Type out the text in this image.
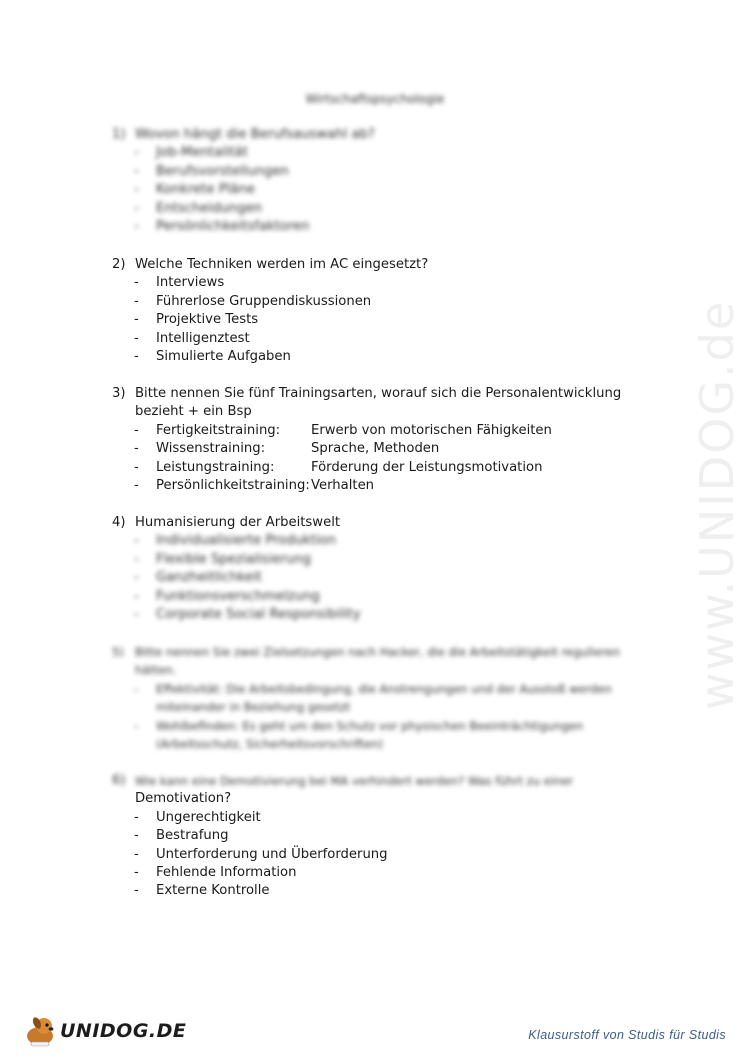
www.UNIDOG.de
Wirtschaftspsychologie
1) Wovon hängt die Berufsauswahl ab?
-	Job-Mentalität
-	Berufsvorstellungen
-	Konkrete Pläne
-	Entscheidungen
-	Persönlichkeitsfaktoren
2) Welche Techniken werden im AC eingesetzt?
-	Interviews
-	Führerlose Gruppendiskussionen
-	Projektive Tests
-	Intelligenztest
-	Simulierte Aufgaben
3) Bitte nennen Sie fünf Trainingsarten, worauf sich die Personalentwicklung bezieht + ein Bsp
-	Fertigkeitstraining:	Erwerb von motorischen Fähigkeiten
-	Wissenstraining:	Sprache, Methoden
-	Leistungstraining:	Förderung der Leistungsmotivation
-	Persönlichkeitstraining: Verhalten
4) Humanisierung der Arbeitswelt
-	Individualisierte Produktion
-	Flexible Spezialisierung
-	Ganzheitlichkeit
-	Funktionsverschmelzung
-	Corporate Social Responsibility
5) Bitte nennen Sie zwei Zielsetzungen nach Hacker, die die Arbeitstätigkeit regulieren hätten.
-	Effektivität: Die Arbeitsbedingung, die Anstrengungen und der Ausstoß werden miteinander in Beziehung gesetzt
-	Wohlbefinden: Es geht um den Schutz vor physischen Beeinträchtigungen (Arbeitsschutz, Sicherheitsvorschriften)
6) Wie kann eine Demotivierung bei MA verhindert werden? Was führt zu einer
Demotivation?
-	Ungerechtigkeit
-	Bestrafung
-	Unterforderung und Überforderung
-	Fehlende Information
-	Externe Kontrolle
UNIDOG.DE	Klausurstoff von Studis für Studis
